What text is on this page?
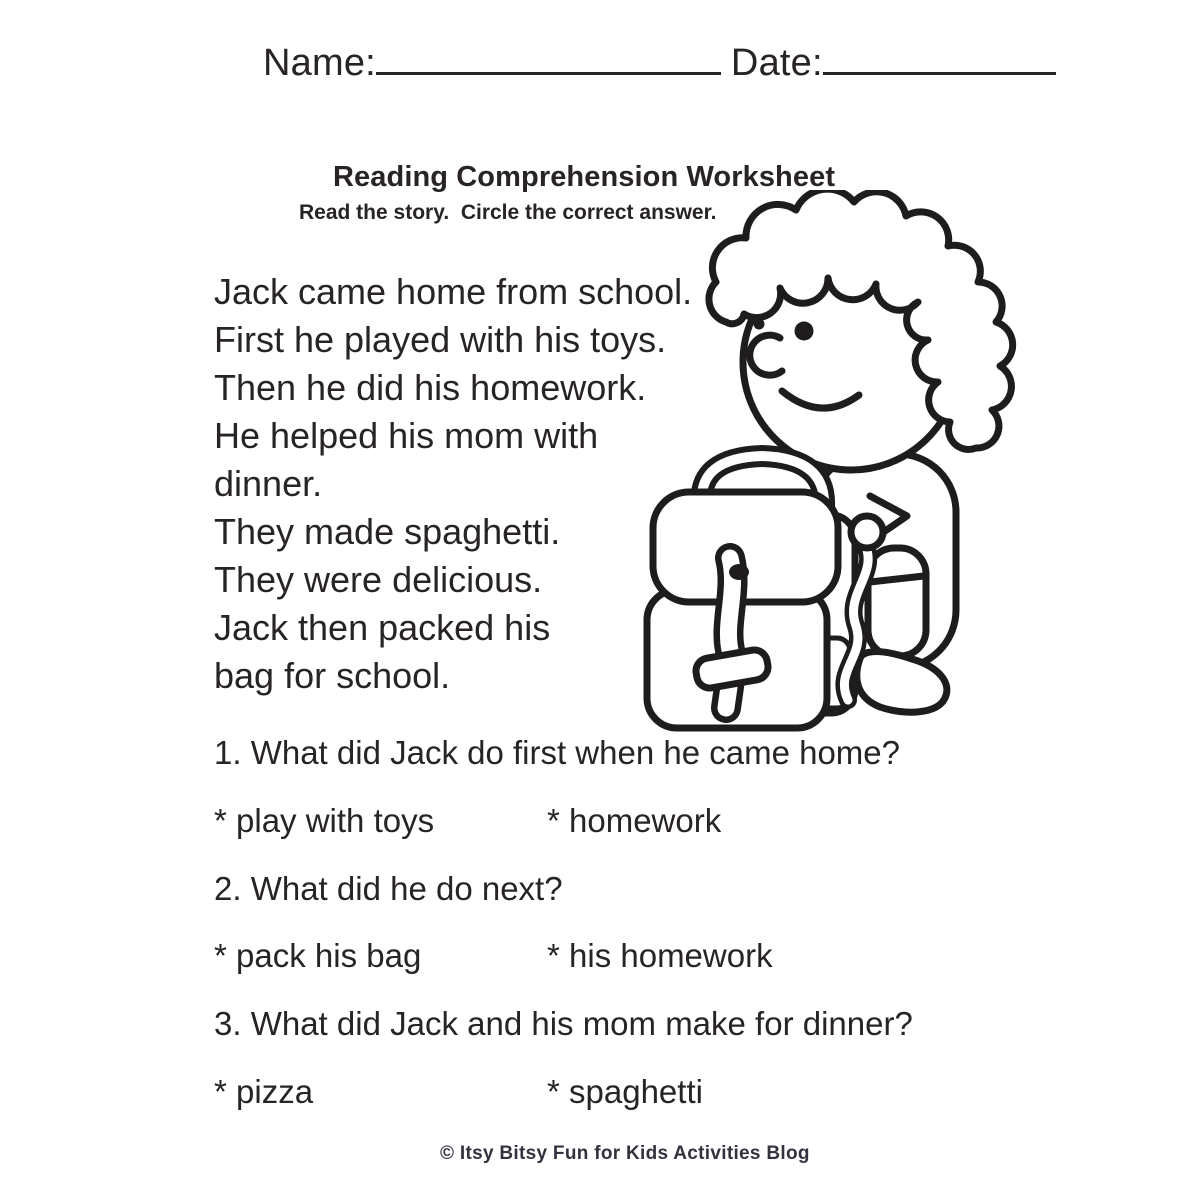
Name:	Date:
Reading Comprehension Worksheet
Read the story.  Circle the correct answer.
Jack came home from school.
First he played with his toys.
Then he did his homework.
He helped his mom with
dinner.
They made spaghetti.
They were delicious.
Jack then packed his
bag for school.
1. What did Jack do first when he came home?
* play with toys	* homework
2. What did he do next?
* pack his bag	* his homework
3. What did Jack and his mom make for dinner?
* pizza	* spaghetti
© Itsy Bitsy Fun for Kids Activities Blog
